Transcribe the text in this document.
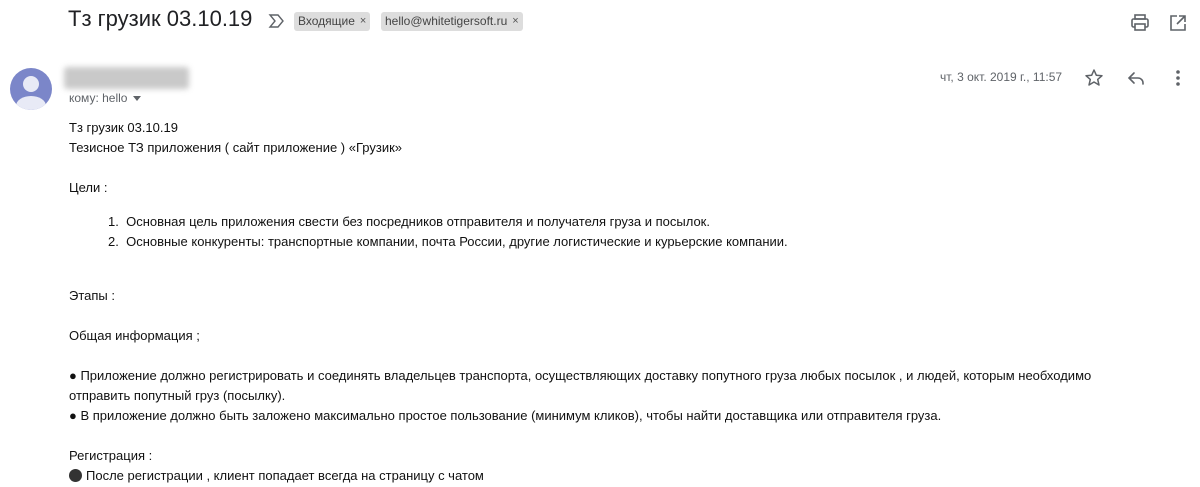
Тз грузик 03.10.19	Входящие × hello@whitetigersoft.ru ×
кому: hello
чт, 3 окт. 2019 г., 11:57
Тз грузик 03.10.19
Тезисное ТЗ приложения ( сайт приложение ) «Грузик»
Цели :
1.  Основная цель приложения свести без посредников отправителя и получателя груза и посылок.
2.  Основные конкуренты: транспортные компании, почта России, другие логистические и курьерские компании.
Этапы :
Общая информация ;
● Приложение должно регистрировать и соединять владельцев транспорта, осуществляющих доставку попутного груза любых посылок , и людей, которым необходимо
отправить попутный груз (посылку).
● В приложение должно быть заложено максимально простое пользование (минимум кликов), чтобы найти доставщика или отправителя груза.
Регистрация :
После регистрации , клиент попадает всегда на страницу с чатом
